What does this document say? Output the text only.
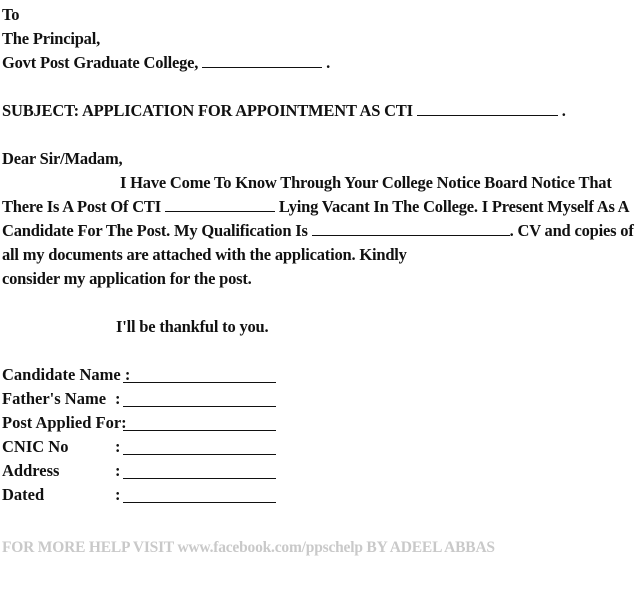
To
The Principal,
Govt Post Graduate College,	.
SUBJECT: APPLICATION FOR APPOINTMENT AS CTI	.
Dear Sir/Madam,
I Have Come To Know Through Your College Notice Board Notice That
There Is A Post Of CTI	Lying Vacant In The College. I Present Myself As A
Candidate For The Post. My Qualification Is	. CV and copies of
all my documents are attached with the application. Kindly
consider my application for the post.
I'll be thankful to you.
Candidate Name :
Father's Name :
Post Applied For:
CNIC No	:
Address	:
Dated	:
FOR MORE HELP VISIT www.facebook.com/ppschelp BY ADEEL ABBAS
